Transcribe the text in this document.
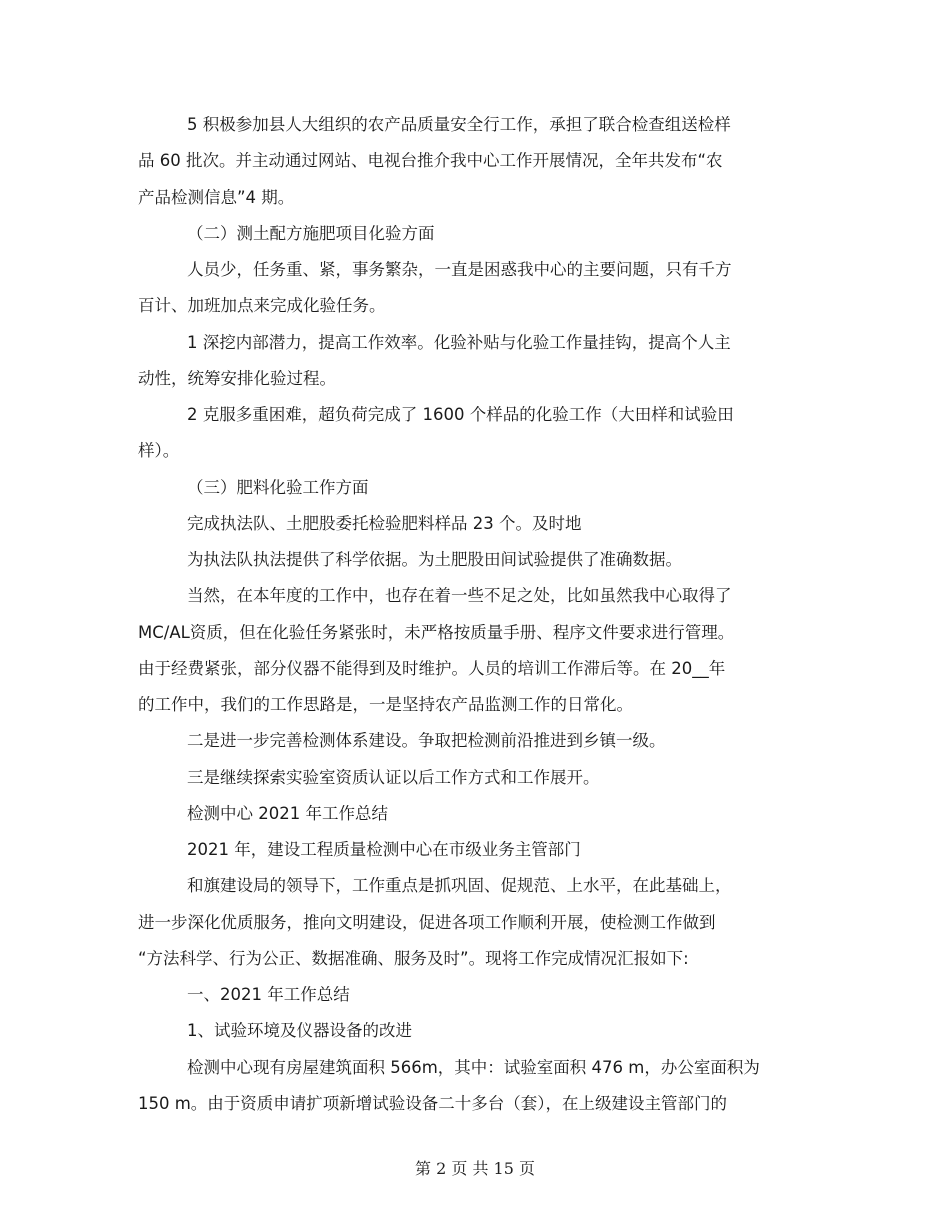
5 积极参加县人大组织的农产品质量安全行工作，承担了联合检查组送检样
品 60 批次。并主动通过网站、电视台推介我中心工作开展情况，全年共发布“农
产品检测信息”4 期。
（二）测土配方施肥项目化验方面
人员少，任务重、紧，事务繁杂，一直是困惑我中心的主要问题，只有千方
百计、加班加点来完成化验任务。
1 深挖内部潜力，提高工作效率。化验补贴与化验工作量挂钩，提高个人主
动性，统筹安排化验过程。
2 克服多重困难，超负荷完成了 1600 个样品的化验工作（大田样和试验田
样）。
（三）肥料化验工作方面
完成执法队、土肥股委托检验肥料样品 23 个。及时地
为执法队执法提供了科学依据。为土肥股田间试验提供了准确数据。
当然，在本年度的工作中，也存在着一些不足之处，比如虽然我中心取得了
MC/AL资质，但在化验任务紧张时，未严格按质量手册、程序文件要求进行管理。
由于经费紧张，部分仪器不能得到及时维护。人员的培训工作滞后等。在 20__年
的工作中，我们的工作思路是，一是坚持农产品监测工作的日常化。
二是进一步完善检测体系建设。争取把检测前沿推进到乡镇一级。
三是继续探索实验室资质认证以后工作方式和工作展开。
检测中心 2021 年工作总结
2021 年，建设工程质量检测中心在市级业务主管部门
和旗建设局的领导下，工作重点是抓巩固、促规范、上水平，在此基础上，
进一步深化优质服务，推向文明建设，促进各项工作顺利开展，使检测工作做到
“方法科学、行为公正、数据准确、服务及时”。现将工作完成情况汇报如下:
一、2021 年工作总结
1、试验环境及仪器设备的改进
检测中心现有房屋建筑面积 566m，其中：试验室面积 476 m，办公室面积为
150 m。由于资质申请扩项新增试验设备二十多台（套），在上级建设主管部门的
第 2 页 共 15 页
